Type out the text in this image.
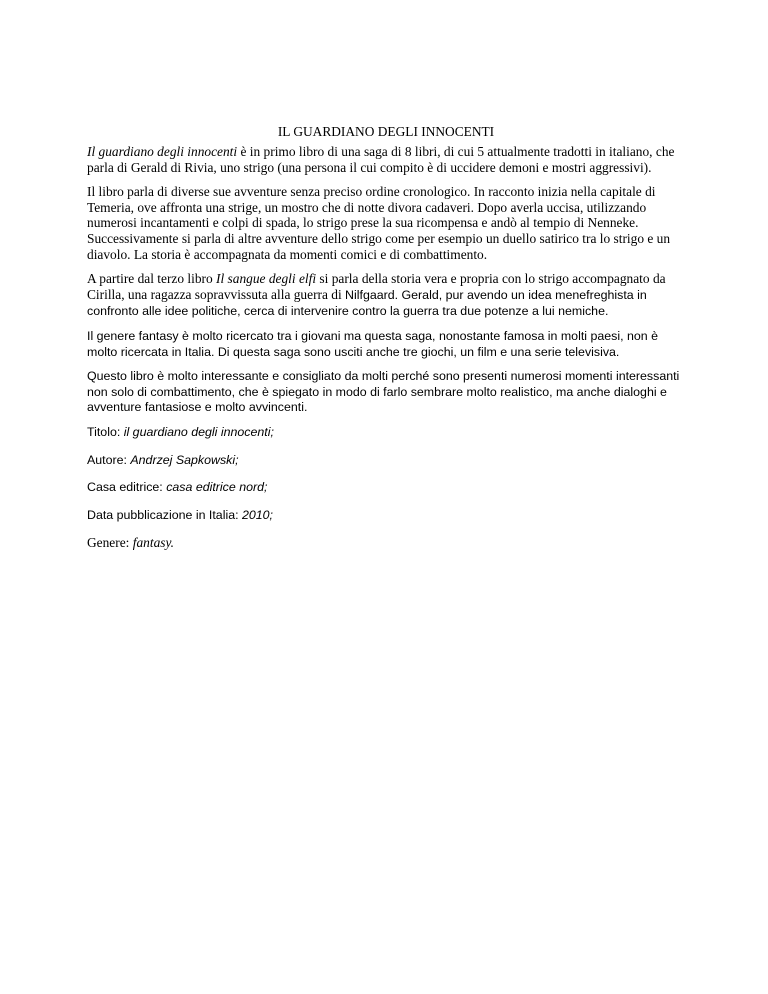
IL GUARDIANO DEGLI INNOCENTI

Il guardiano degli innocenti è in primo libro di una saga di 8 libri, di cui 5 attualmente tradotti in italiano, che parla di Gerald di Rivia, uno strigo (una persona il cui compito è di uccidere demoni e mostri aggressivi).

Il libro parla di diverse sue avventure senza preciso ordine cronologico. In racconto inizia nella capitale di Temeria, ove affronta una strige, un mostro che di notte divora cadaveri. Dopo averla uccisa, utilizzando numerosi incantamenti e colpi di spada, lo strigo prese la sua ricompensa e andò al tempio di Nenneke. Successivamente si parla di altre avventure dello strigo come per esempio un duello satirico tra lo strigo e un diavolo. La storia è accompagnata da momenti comici e di combattimento.

A partire dal terzo libro Il sangue degli elfi si parla della storia vera e propria con lo strigo accompagnato da Cirilla, una ragazza sopravvissuta alla guerra di Nilfgaard. Gerald, pur avendo un idea menefreghista in confronto alle idee politiche, cerca di intervenire contro la guerra tra due potenze a lui nemiche.

Il genere fantasy è molto ricercato tra i giovani ma questa saga, nonostante famosa in molti paesi, non è molto ricercata in Italia. Di questa saga sono usciti anche tre giochi, un film e una serie televisiva.

Questo libro è molto interessante e consigliato da molti perché sono presenti numerosi momenti interessanti non solo di combattimento, che è spiegato in modo di farlo sembrare molto realistico, ma anche dialoghi e avventure fantasiose e molto avvincenti.

Titolo: il guardiano degli innocenti;

Autore: Andrzej Sapkowski;

Casa editrice: casa editrice nord;

Data pubblicazione in Italia: 2010;

Genere: fantasy.
